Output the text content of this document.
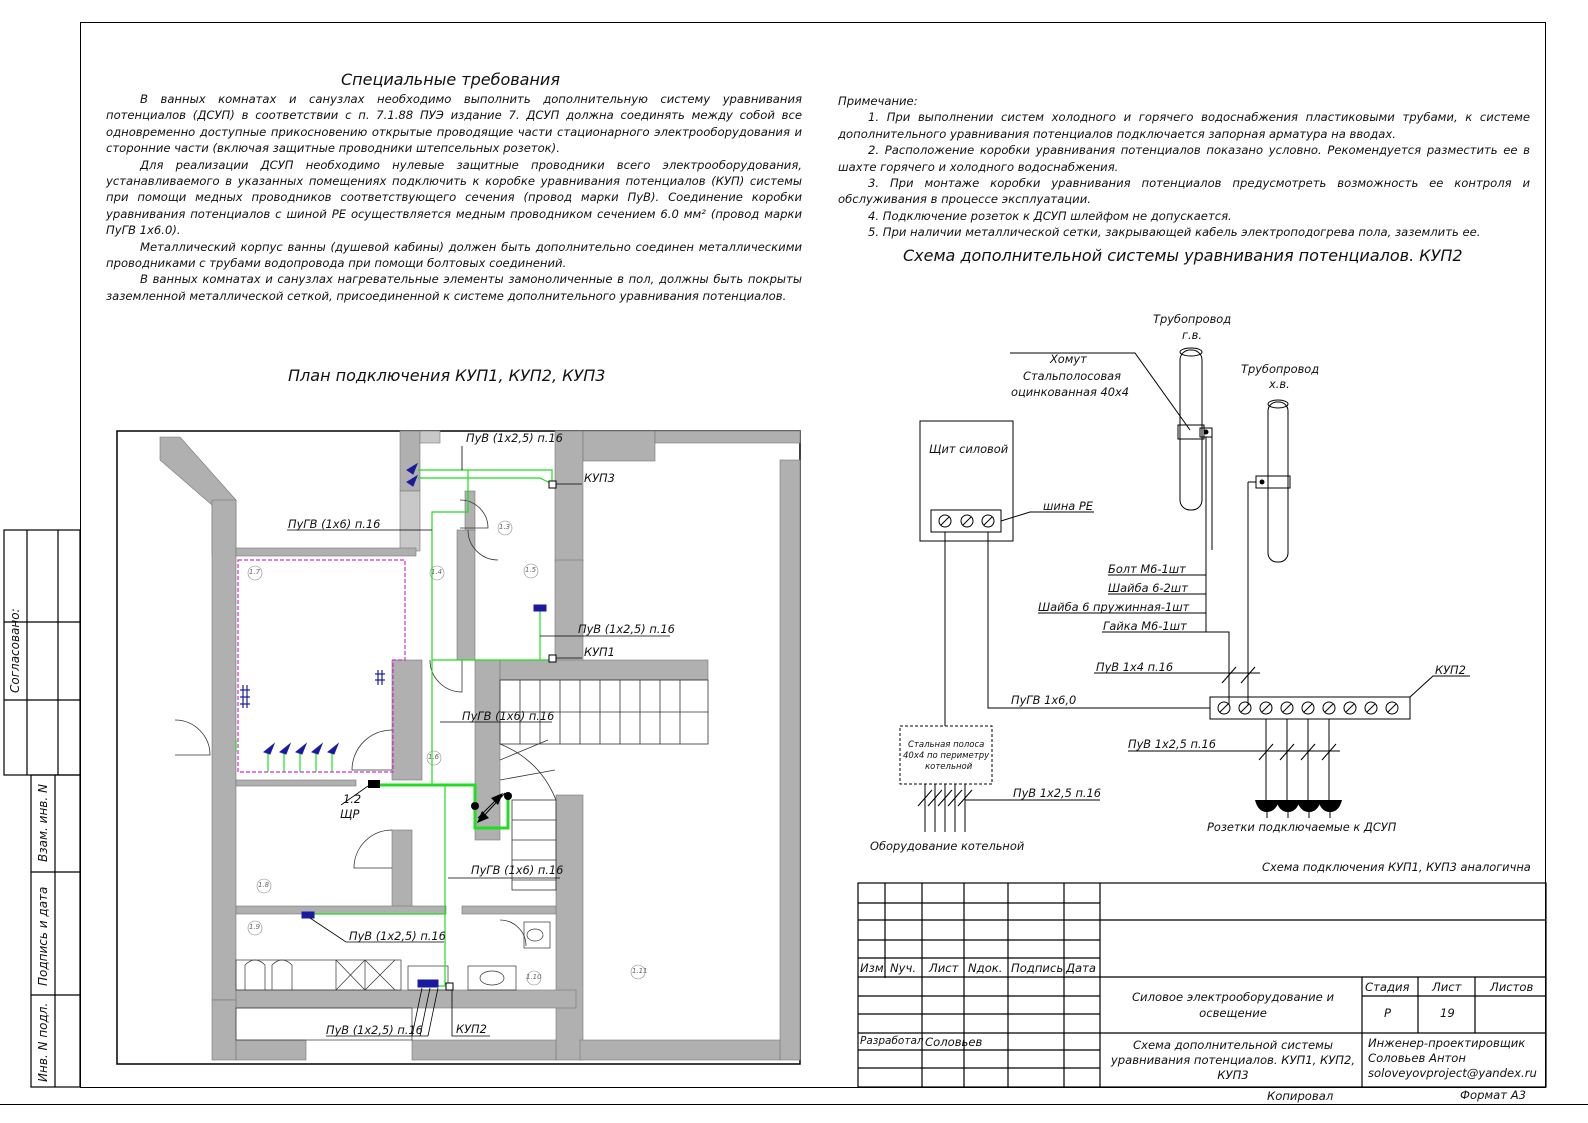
Согласовано:
Взам. инв. N
Подпись и дата
Инв. N подл.
Специальные требования

В ванных комнатах и санузлах необходимо выполнить дополнительную систему уравнивания потенциалов (ДСУП) в соответствии с п. 7.1.88 ПУЭ издание 7. ДСУП должна соединять между собой все одновременно доступные прикосновению открытые проводящие части стационарного электрооборудования и сторонние части (включая защитные проводники штепсельных розеток).

Для реализации ДСУП необходимо нулевые защитные проводники всего электрооборудования, устанавливаемого в указанных помещениях подключить к коробке уравнивания потенциалов (КУП) системы при помощи медных проводников соответствующего сечения (провод марки ПуВ). Соединение коробки уравнивания потенциалов с шиной PE осуществляется медным проводником сечением 6.0 мм² (провод марки ПуГВ 1х6.0).

Металлический корпус ванны (душевой кабины) должен быть дополнительно соединен металлическими проводниками с трубами водопровода при помощи болтовых соединений.

В ванных комнатах и санузлах нагревательные элементы замоноличенные в пол, должны быть покрыты заземленной металлической сеткой, присоединенной к системе дополнительного уравнивания потенциалов.

Примечание:

1. При выполнении систем холодного и горячего водоснабжения пластиковыми трубами, к системе дополнительного уравнивания потенциалов подключается запорная арматура на вводах.

2. Расположение коробки уравнивания потенциалов показано условно. Рекомендуется разместить ее в шахте горячего и холодного водоснабжения.

3. При монтаже коробки уравнивания потенциалов предусмотреть возможность ее контроля и обслуживания в процессе эксплуатации.

4. Подключение розеток к ДСУП шлейфом не допускается.

5. При наличии металлической сетки, закрывающей кабель электроподогрева пола, заземлить ее.

План подключения КУП1, КУП2, КУП3
Схема дополнительной системы уравнивания потенциалов. КУП2
ПуВ (1х2,5) п.16
КУП3
ПуГВ (1х6) п.16
ПуВ (1х2,5) п.16
КУП1
ПуГВ (1х6) п.16
1.2
ЩР
ПуГВ (1х6) п.16
ПуВ (1х2,5) п.16
ПуВ (1х2,5) п.16	КУП2
1.3
1.4	1.5
1.6
1.7
1.8
1.9
1.10
1.11
Трубопровод
г.в.
Трубопровод
х.в.
Хомут
Стальполосовая
оцинкованная 40х4
Щит силовой
шина PE
Болт М6-1шт
Шайба 6-2шт
Шайба 6 пружинная-1шт
Гайка М6-1шт
ПуВ 1х4 п.16	КУП2
ПуГВ 1х6,0
Стальная полоса
40х4 по периметру
котельной
ПуВ 1х2,5 п.16
ПуВ 1х2,5 п.16
Оборудование котельной
Розетки подключаемые к ДСУП
Схема подключения КУП1, КУП3 аналогична
Изм. Nуч. Лист Nдок. Подпись Дата
Разработал Соловьев
Силовое электрооборудование и освещение
Схема дополнительной системы уравнивания потенциалов. КУП1, КУП2, КУП3
Стадия Лист Листов
Р	19
Инженер-проектировщик
Соловьев Антон
soloveyovproject@yandex.ru
Копировал	Формат А3
